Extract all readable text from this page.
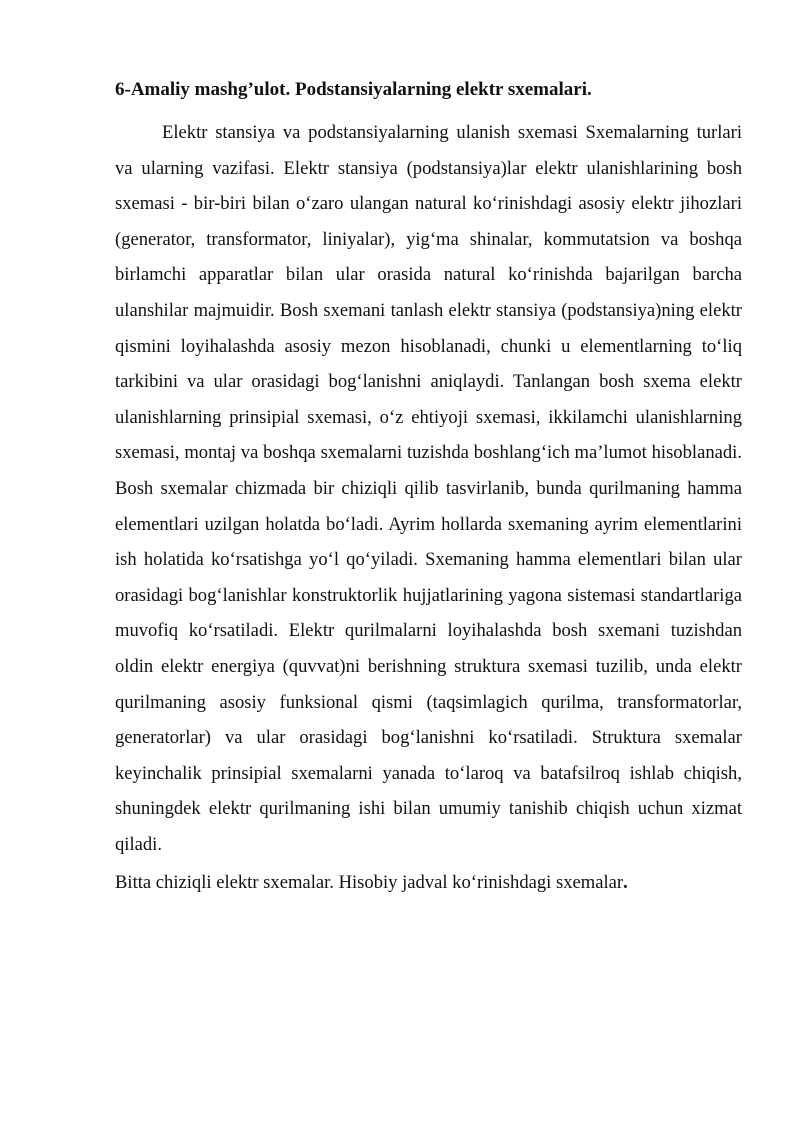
6-Amaliy mashg’ulot. Podstansiyalarning elektr sxemalari.

Elektr stansiya va podstansiyalarning ulanish sxemasi Sxemalarning turlari va ularning vazifasi. Elektr stansiya (podstansiya)lar elektr ulanishlarining bosh sxemasi - bir-biri bilan o‘zaro ulangan natural ko‘rinishdagi asosiy elektr jihozlari (generator, transformator, liniyalar), yig‘ma shinalar, kommutatsion va boshqa birlamchi apparatlar bilan ular orasida natural ko‘rinishda bajarilgan barcha ulanshilar majmuidir. Bosh sxemani tanlash elektr stansiya (podstansiya)ning elektr qismini loyihalashda asosiy mezon hisoblanadi, chunki u elementlarning to‘liq tarkibini va ular orasidagi bog‘lanishni aniqlaydi. Tanlangan bosh sxema elektr ulanishlarning prinsipial sxemasi, o‘z ehtiyoji sxemasi, ikkilamchi ulanishlarning sxemasi, montaj va boshqa sxemalarni tuzishda boshlang‘ich ma’lumot hisoblanadi. Bosh sxemalar chizmada bir chiziqli qilib tasvirlanib, bunda qurilmaning hamma elementlari uzilgan holatda bo‘ladi. Ayrim hollarda sxemaning ayrim elementlarini ish holatida ko‘rsatishga yo‘l qo‘yiladi. Sxemaning hamma elementlari bilan ular orasidagi bog‘lanishlar konstruktorlik hujjatlarining yagona sistemasi standartlariga muvofiq ko‘rsatiladi. Elektr qurilmalarni loyihalashda bosh sxemani tuzishdan oldin elektr energiya (quvvat)ni berishning struktura sxemasi tuzilib, unda elektr qurilmaning asosiy funksional qismi (taqsimlagich qurilma, transformatorlar, generatorlar) va ular orasidagi bog‘lanishni ko‘rsatiladi. Struktura sxemalar keyinchalik prinsipial sxemalarni yanada to‘laroq va batafsilroq ishlab chiqish, shuningdek elektr qurilmaning ishi bilan umumiy tanishib chiqish uchun xizmat qiladi.

Bitta chiziqli elektr sxemalar. Hisobiy jadval ko‘rinishdagi sxemalar.
